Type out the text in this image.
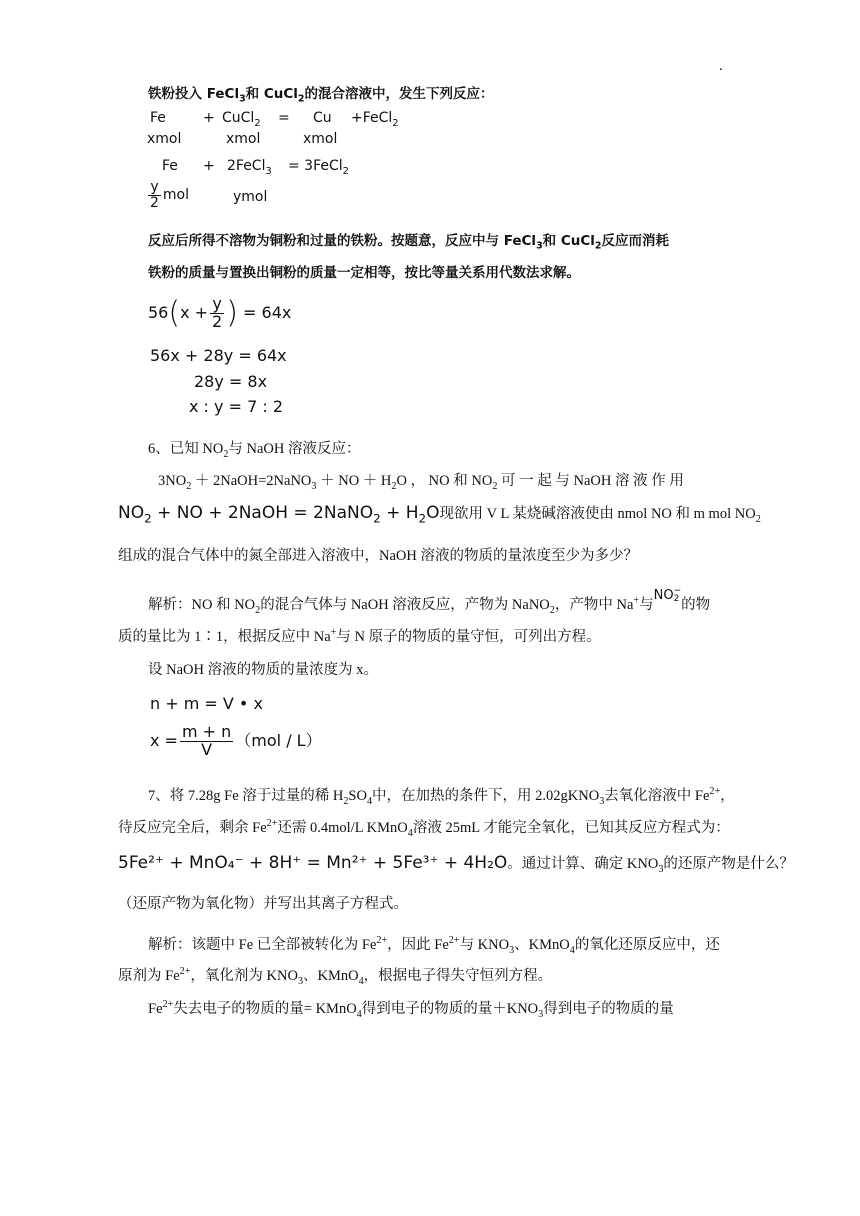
.
铁粉投入 FeCl$_3$和 CuCl$_2$的混合溶液中，发生下列反应：
Fe	+ CuCl$_2$ = Cu +FeCl$_2$
xmol	xmol	xmol
Fe + 2FeCl$_3$ = 3FeCl$_2$
$\frac{y}{2}$ mol	ymol
反应后所得不溶物为铜粉和过量的铁粉。按题意，反应中与 FeCl$_3$和 CuCl$_2$反应而消耗
铁粉的质量与置换出铜粉的质量一定相等，按比等量关系用代数法求解。
$56(x + \frac{y}{2}$ ) = 64x
56x + 28y = 64x
28y = 8x
x : y = 7 : 2
6、已知 $NO_2$与 NaOH 溶液反应：
$3NO_2$ ＋ 2NaOH=2NaNO$_3$ ＋ NO ＋ $H_2O$ ， NO 和 $NO_2$ 可 一 起 与 NaOH 溶 液 作 用
$NO_2$ + NO + 2NaOH = 2NaNO$_2$ + $H_2O$现欲用 V L 某烧碱溶液使由 nmol NO 和 m mol $NO_2$
组成的混合气体中的氮全部进入溶液中，NaOH 溶液的物质的量浓度至少为多少？
解析：NO 和 $NO_2$的混合气体与 NaOH 溶液反应，产物为 NaNO$_2$，产物中 Na+与NO −
2 的物
质的量比为 1∶1，根据反应中 Na+与 N 原子的物质的量守恒，可列出方程。
设 NaOH 溶液的物质的量浓度为 x。
n + m = V • x
$x = \frac{m + n}{V} (mol / L)$
7、将 7.28g Fe 溶于过量的稀 $H_2SO_4$中，在加热的条件下，用 2.02gKNO$_3$去氧化溶液中 $Fe^{2+}$，
待反应完全后，剩余 $Fe^{2+}$还需 0.4mol/L KMnO$_4$溶液 25mL 才能完全氧化，已知其反应方程式为：
5Fe²⁺ + MnO₄⁻ + 8H⁺ = Mn²⁺ + 5Fe³⁺ + 4H₂O。通过计算、确定 $KNO_3$的还原产物是什么？
（还原产物为氧化物）并写出其离子方程式。
解析：该题中 Fe 已全部被转化为 $Fe^{2+}$，因此 $Fe^{2+}$与 $KNO_3$、KMnO$_4$的氧化还原反应中，还
原剂为 $Fe^{2+}$，氧化剂为 $KNO_3$、KMnO$_4$，根据电子得失守恒列方程。
$Fe^{2+}$失去电子的物质的量= KMnO$_4$得到电子的物质的量$+KNO_3$得到电子的物质的量
